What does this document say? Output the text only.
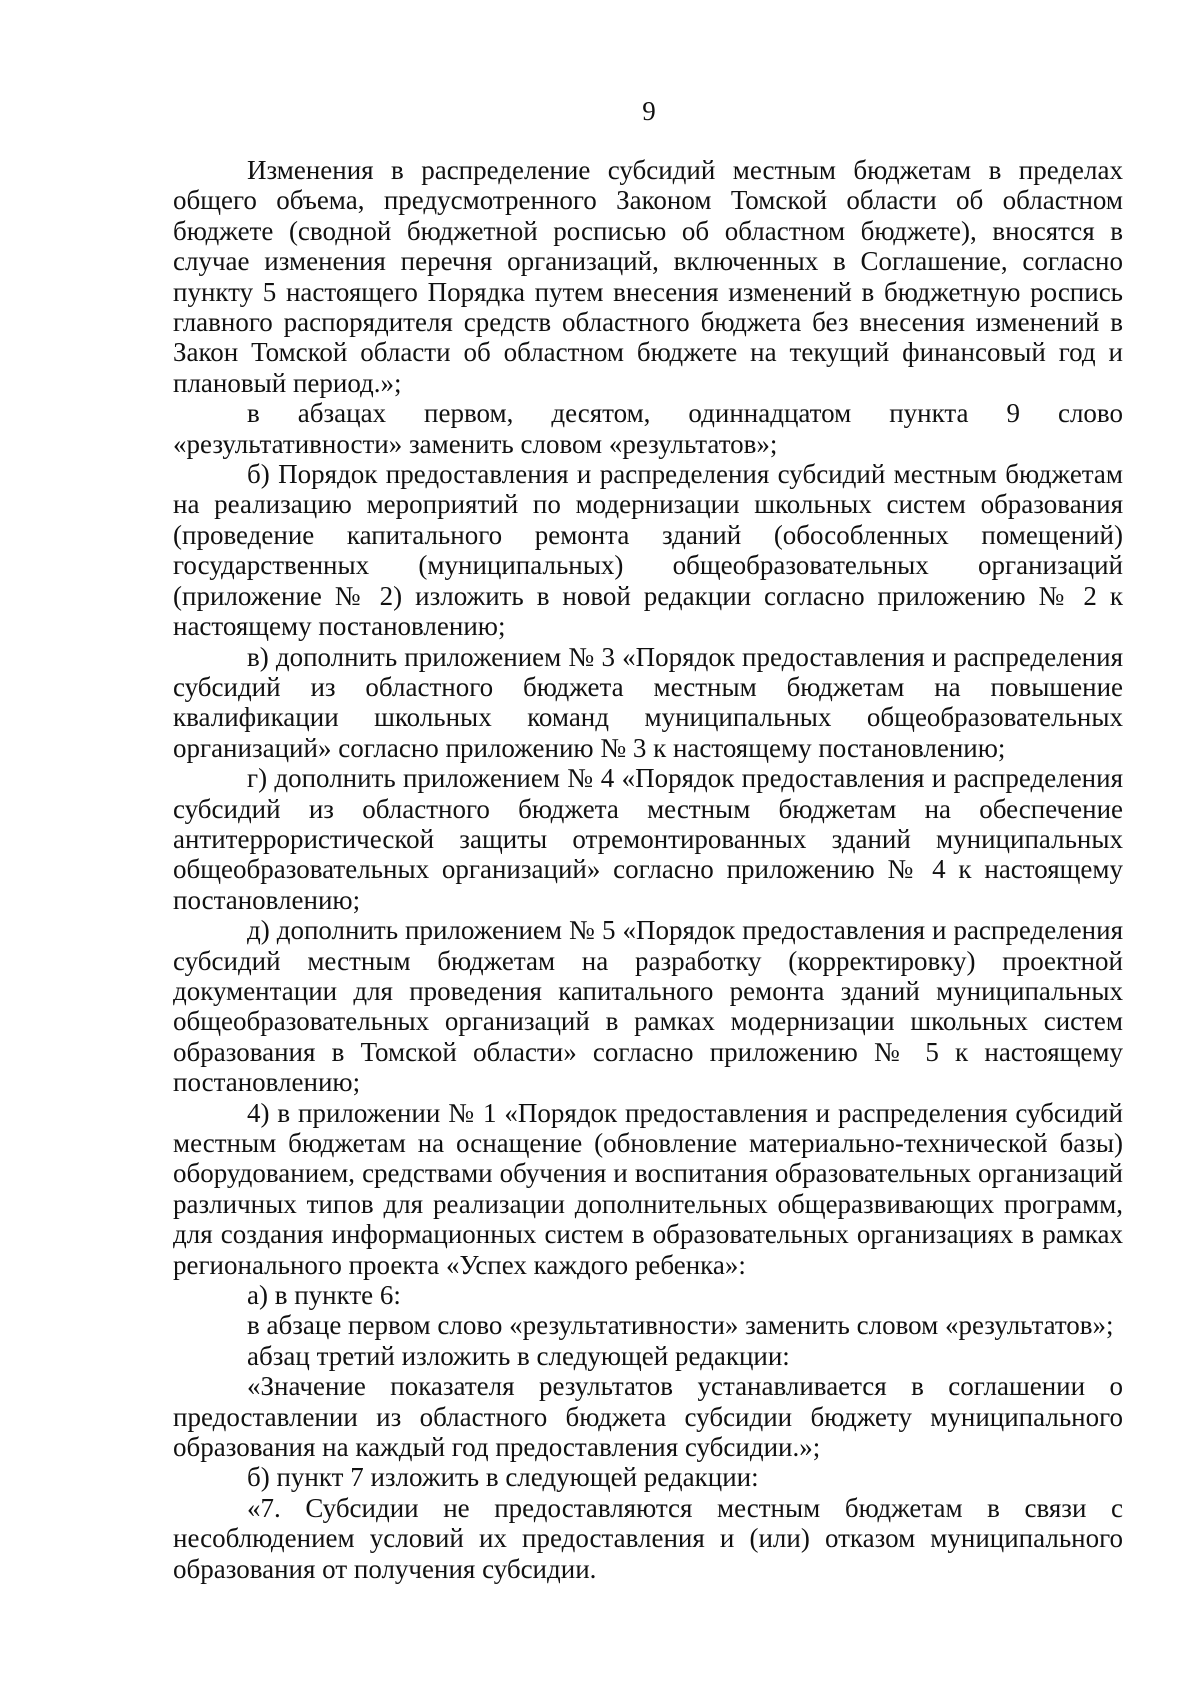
9

Изменения в распределение субсидий местным бюджетам в пределах общего объема, предусмотренного Законом Томской области об областном бюджете (сводной бюджетной росписью об областном бюджете), вносятся в случае изменения перечня организаций, включенных в Соглашение, согласно пункту 5 настоящего Порядка путем внесения изменений в бюджетную роспись главного распорядителя средств областного бюджета без внесения изменений в Закон Томской области об областном бюджете на текущий финансовый год и плановый период.»;

в абзацах первом, десятом, одиннадцатом пункта 9 слово «результативности» заменить словом «результатов»;

б) Порядок предоставления и распределения субсидий местным бюджетам на реализацию мероприятий по модернизации школьных систем образования (проведение капитального ремонта зданий (обособленных помещений) государственных (муниципальных) общеобразовательных организаций (приложение № 2) изложить в новой редакции согласно приложению № 2 к настоящему постановлению;

в) дополнить приложением № 3 «Порядок предоставления и распределения субсидий из областного бюджета местным бюджетам на повышение квалификации школьных команд муниципальных общеобразовательных организаций» согласно приложению № 3 к настоящему постановлению;

г) дополнить приложением № 4 «Порядок предоставления и распределения субсидий из областного бюджета местным бюджетам на обеспечение антитеррористической защиты отремонтированных зданий муниципальных общеобразовательных организаций» согласно приложению № 4 к настоящему постановлению;

д) дополнить приложением № 5 «Порядок предоставления и распределения субсидий местным бюджетам на разработку (корректировку) проектной документации для проведения капитального ремонта зданий муниципальных общеобразовательных организаций в рамках модернизации школьных систем образования в Томской области» согласно приложению № 5 к настоящему постановлению;

4) в приложении № 1 «Порядок предоставления и распределения субсидий местным бюджетам на оснащение (обновление материально-технической базы) оборудованием, средствами обучения и воспитания образовательных организаций различных типов для реализации дополнительных общеразвивающих программ, для создания информационных систем в образовательных организациях в рамках регионального проекта «Успех каждого ребенка»:

а) в пункте 6:

в абзаце первом слово «результативности» заменить словом «результатов»;

абзац третий изложить в следующей редакции:

«Значение показателя результатов устанавливается в соглашении о предоставлении из областного бюджета субсидии бюджету муниципального образования на каждый год предоставления субсидии.»;

б) пункт 7 изложить в следующей редакции:

«7. Субсидии не предоставляются местным бюджетам в связи с несоблюдением условий их предоставления и (или) отказом муниципального образования от получения субсидии.
